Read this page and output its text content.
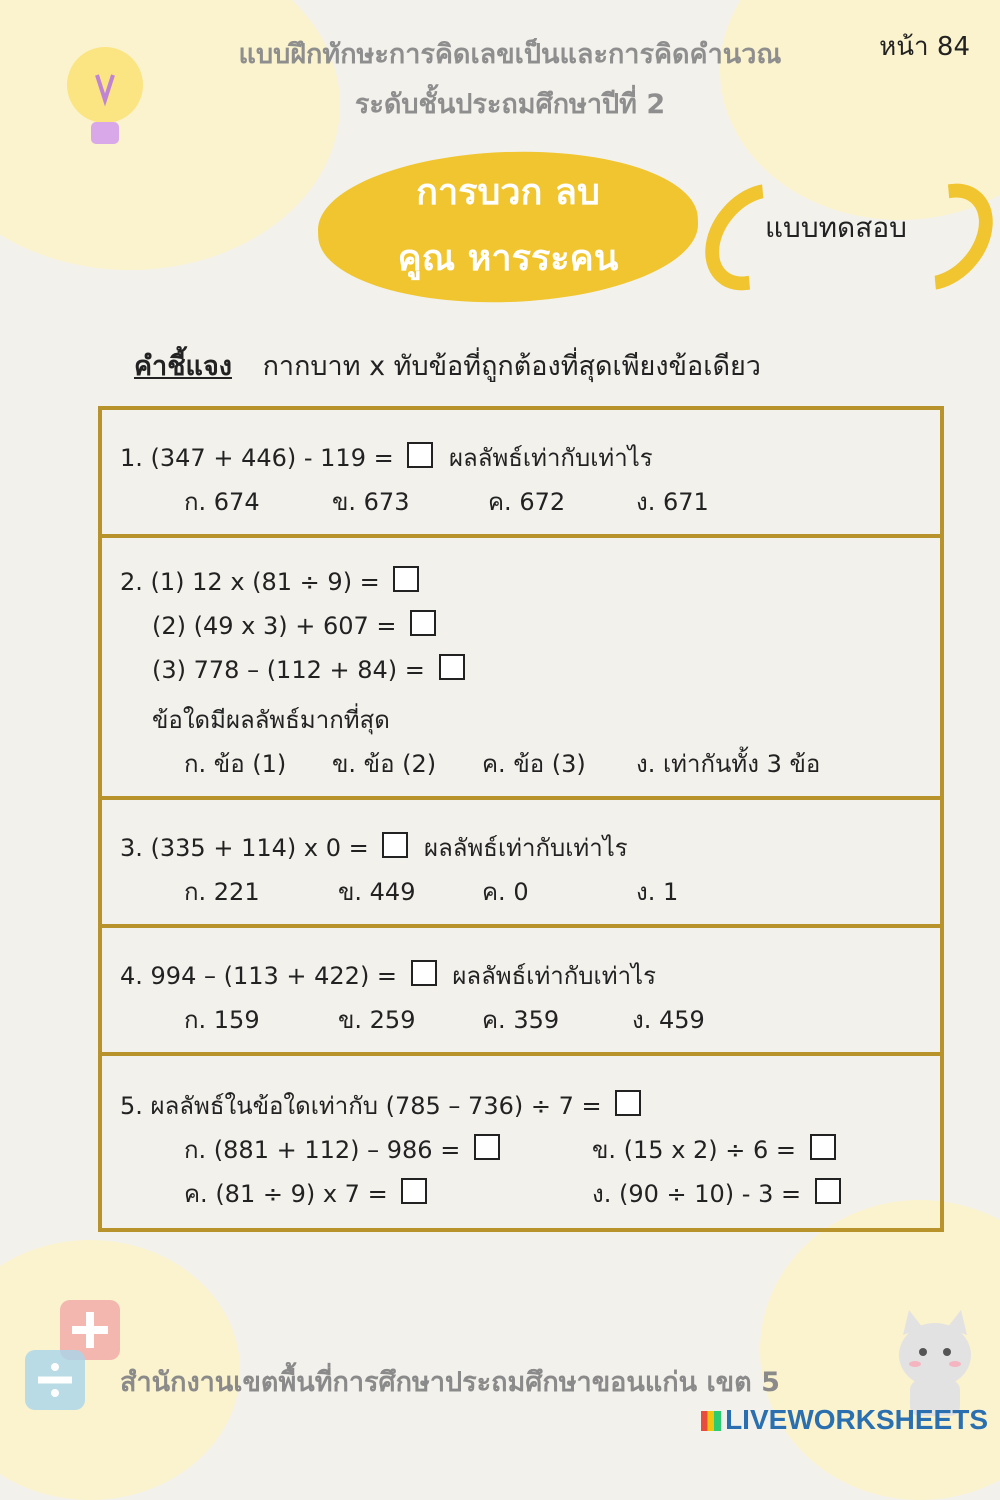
หน้า 84
แบบฝึกทักษะการคิดเลขเป็นและการคิดคำนวณ
ระดับชั้นประถมศึกษาปีที่ 2
การบวก ลบ
คูณ หารระคน
แบบทดสอบ
คำชี้แจง กากบาท x ทับข้อที่ถูกต้องที่สุดเพียงข้อเดียว
1. (347 + 446) - 119 = ผลลัพธ์เท่ากับเท่าไร
ก. 674	ข. 673	ค. 672	ง. 671
2. (1) 12 x (81 ÷ 9) =
(2) (49 x 3) + 607 =
(3) 778 – (112 + 84) =
ข้อใดมีผลลัพธ์มากที่สุด
ก. ข้อ (1) ข. ข้อ (2) ค. ข้อ (3) ง. เท่ากันทั้ง 3 ข้อ
3. (335 + 114) x 0 = ผลลัพธ์เท่ากับเท่าไร
ก. 221	ข. 449	ค. 0	ง. 1
4. 994 – (113 + 422) = ผลลัพธ์เท่ากับเท่าไร
ก. 159	ข. 259	ค. 359	ง. 459
5. ผลลัพธ์ในข้อใดเท่ากับ (785 – 736) ÷ 7 =
ก. (881 + 112) – 986 =	ข. (15 x 2) ÷ 6 =
ค. (81 ÷ 9) x 7 =	ง. (90 ÷ 10) - 3 =
สำนักงานเขตพื้นที่การศึกษาประถมศึกษาขอนแก่น เขต 5
LIVEWORKSHEETS
